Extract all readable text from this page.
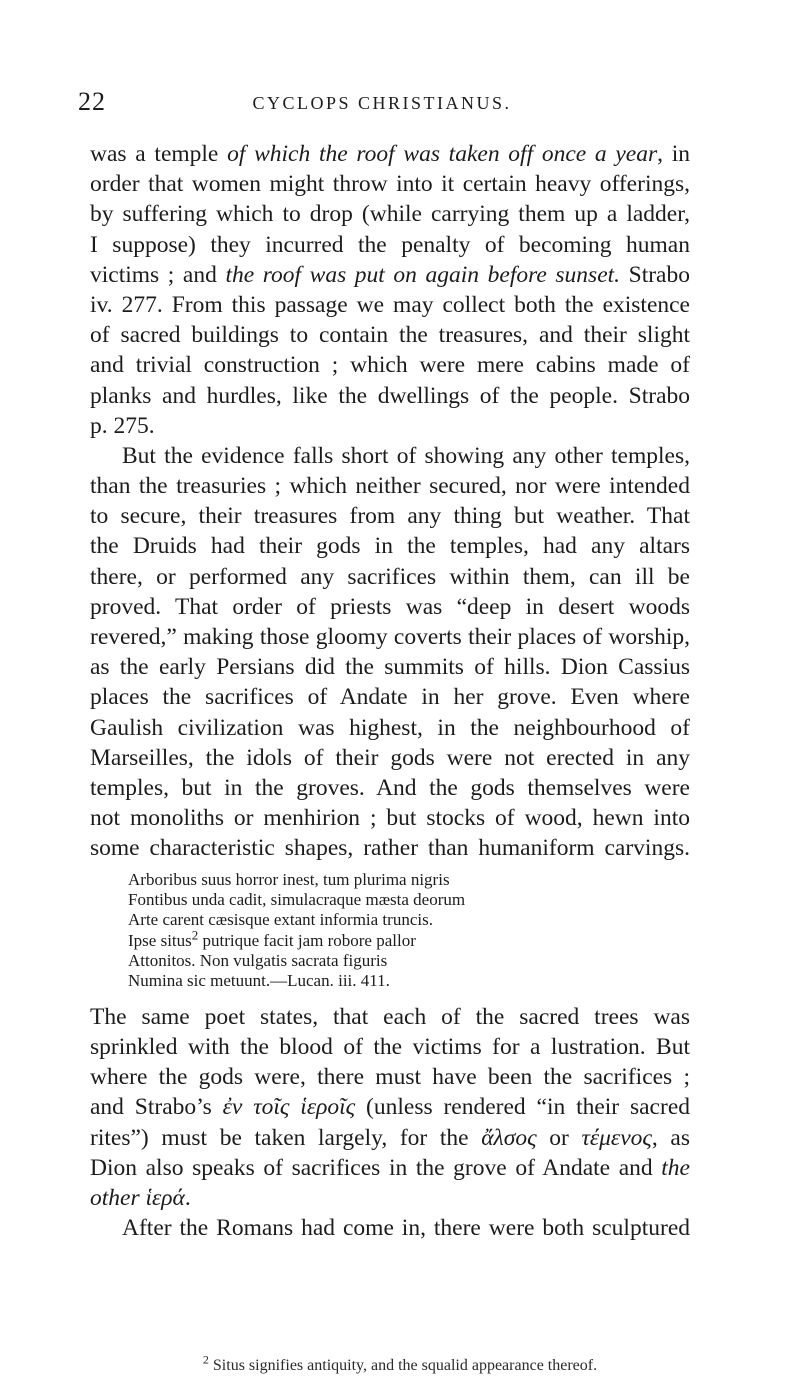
22	CYCLOPS CHRISTIANUS.
was a temple of which the roof was taken off once a year, in
order that women might throw into it certain heavy offerings,
by suffering which to drop (while carrying them up a ladder,
I suppose) they incurred the penalty of becoming human
victims ; and the roof was put on again before sunset. Strabo
iv. 277. From this passage we may collect both the existence
of sacred buildings to contain the treasures, and their slight
and trivial construction ; which were mere cabins made of
planks and hurdles, like the dwellings of the people. Strabo
p. 275.
But the evidence falls short of showing any other temples,
than the treasuries ; which neither secured, nor were intended
to secure, their treasures from any thing but weather. That
the Druids had their gods in the temples, had any altars
there, or performed any sacrifices within them, can ill be
proved. That order of priests was “deep in desert woods
revered,” making those gloomy coverts their places of worship,
as the early Persians did the summits of hills. Dion Cassius
places the sacrifices of Andate in her grove. Even where
Gaulish civilization was highest, in the neighbourhood of
Marseilles, the idols of their gods were not erected in any
temples, but in the groves. And the gods themselves were
not monoliths or menhirion ; but stocks of wood, hewn into
some characteristic shapes, rather than humaniform carvings.
Arboribus suus horror inest, tum plurima nigris
Fontibus unda cadit, simulacraque mæsta deorum
Arte carent cæsisque extant informia truncis.
Ipse situs$^2$ putrique facit jam robore pallor
Attonitos. Non vulgatis sacrata figuris
Numina sic metuunt.—Lucan. iii. 411.
The same poet states, that each of the sacred trees was
sprinkled with the blood of the victims for a lustration. But
where the gods were, there must have been the sacrifices ;
and Strabo’s ἐν τοῖς ἱεροῖς (unless rendered “in their sacred
rites”) must be taken largely, for the ἄλσος or τέμενος, as
Dion also speaks of sacrifices in the grove of Andate and the
other ἱερά.
After the Romans had come in, there were both sculptured
$^2$ Situs signifies antiquity, and the squalid appearance thereof.
